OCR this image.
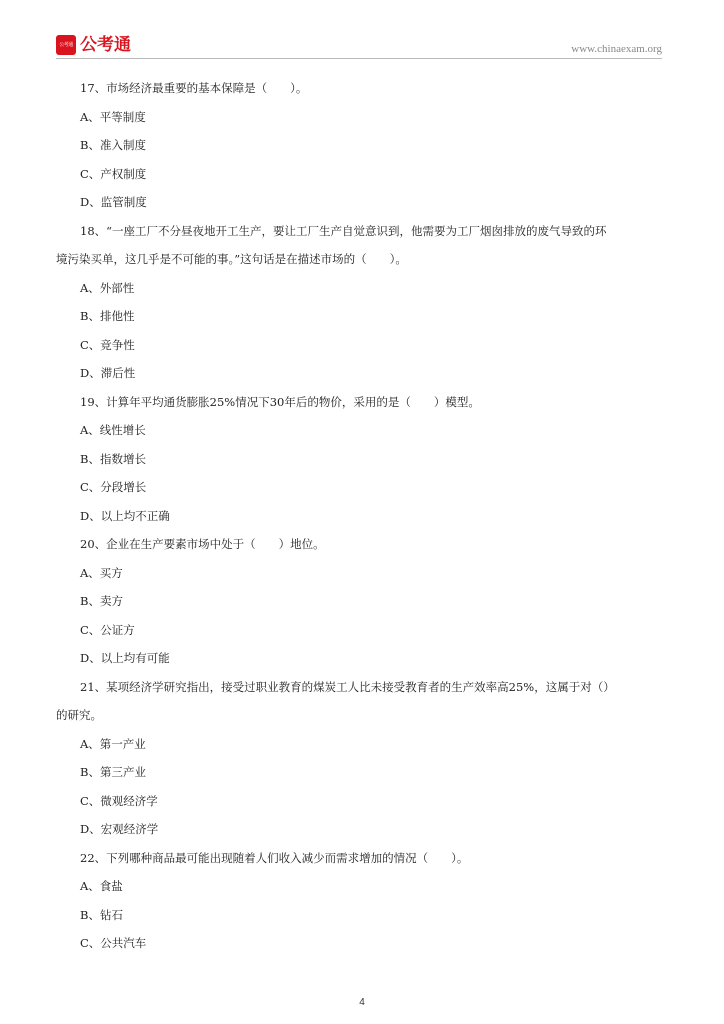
公考通 公考通	www.chinaexam.org
17、市场经济最重要的基本保障是（　　）。
A、平等制度
B、准入制度
C、产权制度
D、监管制度
18、“一座工厂不分昼夜地开工生产，要让工厂生产自觉意识到，他需要为工厂烟囱排放的废气导致的环
境污染买单，这几乎是不可能的事。”这句话是在描述市场的（　　）。
A、外部性
B、排他性
C、竞争性
D、滞后性
19、计算年平均通货膨胀25%情况下30年后的物价，采用的是（　　）模型。
A、线性增长
B、指数增长
C、分段增长
D、以上均不正确
20、企业在生产要素市场中处于（　　）地位。
A、买方
B、卖方
C、公证方
D、以上均有可能
21、某项经济学研究指出，接受过职业教育的煤炭工人比未接受教育者的生产效率高25%，这属于对（）
的研究。
A、第一产业
B、第三产业
C、微观经济学
D、宏观经济学
22、下列哪种商品最可能出现随着人们收入减少而需求增加的情况（　　）。
A、食盐
B、钻石
C、公共汽车
4
